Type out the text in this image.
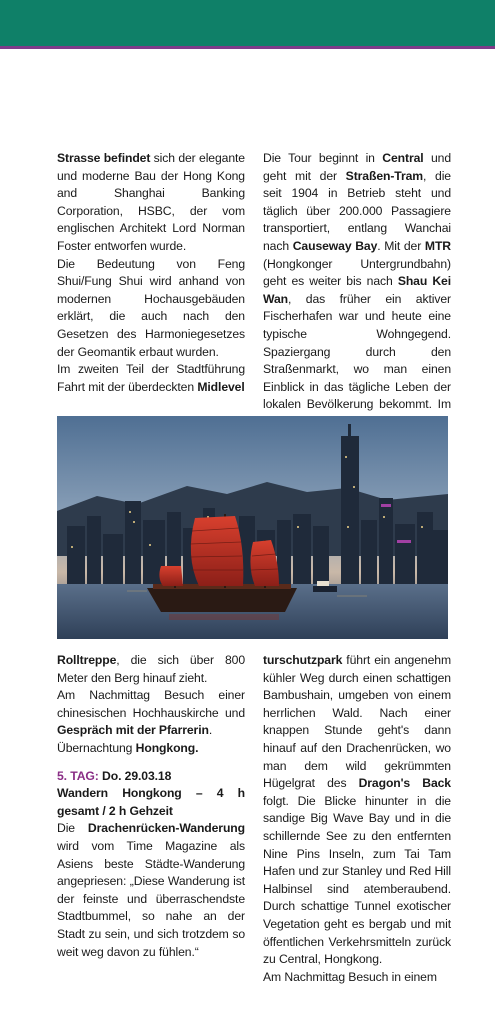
Strasse befindet sich der elegante und moderne Bau der Hong Kong and Shanghai Banking Corporation, HSBC, der vom englischen Architekt Lord Norman Foster entworfen wurde.

Die Bedeutung von Feng Shui/Fung Shui wird anhand von modernen Hochausgebäuden erklärt, die auch nach den Gesetzen des Harmoniegesetzes der Geomantik erbaut wurden.

Im zweiten Teil der Stadtführung Fahrt mit der überdeckten Midlevel

Die Tour beginnt in Central und geht mit der Straßen-Tram, die seit 1904 in Betrieb steht und täglich über 200.000 Passagiere transportiert, entlang Wanchai nach Causeway Bay. Mit der MTR (Hongkonger Untergrundbahn) geht es weiter bis nach Shau Kei Wan, das früher ein aktiver Fischerhafen war und heute eine typische Wohngegend. Spaziergang durch den Straßenmarkt, wo man einen Einblick in das tägliche Leben der lokalen Bevölkerung bekommt. Im

Rolltreppe, die sich über 800 Meter den Berg hinauf zieht.

Am Nachmittag Besuch einer chinesischen Hochhauskirche und Gespräch mit der Pfarrerin.

Übernachtung Hongkong.

5. TAG: Do. 29.03.18

Wandern Hongkong – 4 h gesamt / 2 h Gehzeit

Die Drachenrücken-Wanderung wird vom Time Magazine als Asiens beste Städte-Wanderung angepriesen: „Diese Wanderung ist der feinste und überraschendste Stadtbummel, so nahe an der Stadt zu sein, und sich trotzdem so weit weg davon zu fühlen.“

turschutzpark führt ein angenehm kühler Weg durch einen schattigen Bambushain, umgeben von einem herrlichen Wald. Nach einer knappen Stunde geht's dann hinauf auf den Drachenrücken, wo man dem wild gekrümmten Hügelgrat des Dragon's Back folgt. Die Blicke hinunter in die sandige Big Wave Bay und in die schillernde See zu den entfernten Nine Pins Inseln, zum Tai Tam Hafen und zur Stanley und Red Hill Halbinsel sind atemberaubend. Durch schattige Tunnel exotischer Vegetation geht es bergab und mit öffentlichen Verkehrsmitteln zurück zu Central, Hongkong.

Am Nachmittag Besuch in einem
